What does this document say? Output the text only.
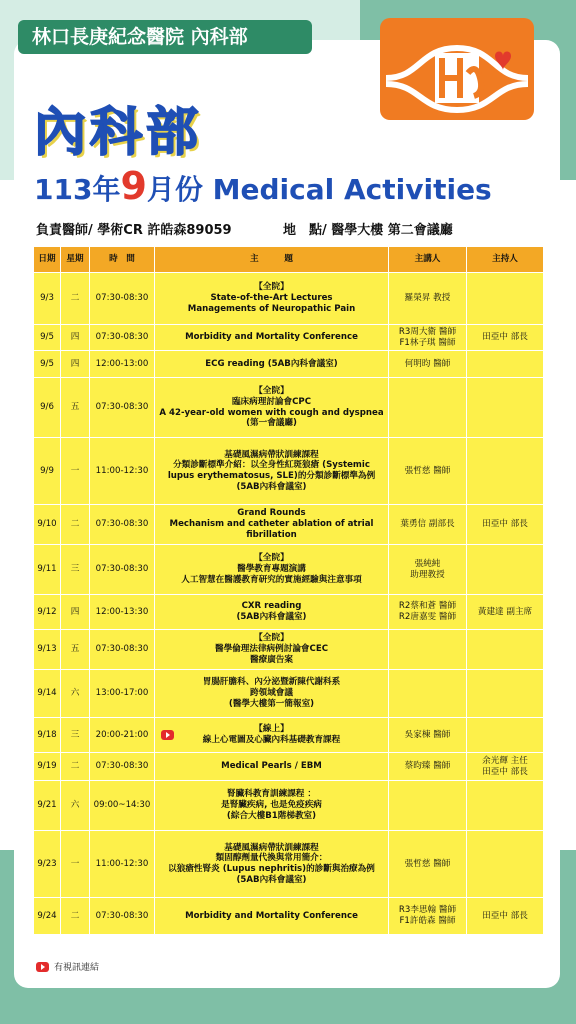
林口長庚紀念醫院 內科部
內科部
113年9月份 Medical Activities
負責醫師/ 學術CR 許皓森89059	地　點/ 醫學大樓 第二會議廳
日期	星期	時　間	主　　　題	主講人	主持人
9/3	二	07:30-08:30	【全院】
State-of-the-Art Lectures
Managements of Neuropathic Pain	羅榮昇 教授	
9/5	四	07:30-08:30	Morbidity and Mortality Conference	R3周大衛 醫師
F1林子琪 醫師	田亞中 部長
9/5	四	12:00-13:00	ECG reading (5AB內科會議室)	何明昀 醫師	
9/6	五	07:30-08:30	【全院】
臨床病理討論會CPC
A 42-year-old women with cough and dyspnea
(第一會議廳)		
9/9	一	11:00-12:30	基礎風濕病帶狀訓練課程
分類診斷標準介紹：以全身性紅斑狼瘡 (Systemic
lupus erythematosus, SLE)的分類診斷標準為例
(5AB內科會議室)	張哲慈 醫師	
9/10	二	07:30-08:30	Grand Rounds
Mechanism and catheter ablation of atrial
fibrillation	葉勇信 副部長	田亞中 部長
9/11	三	07:30-08:30	【全院】
醫學教育專題演講
人工智慧在醫護教育研究的實施經驗與注意事項	張純純
助理教授	
9/12	四	12:00-13:30	CXR reading
(5AB內科會議室)	R2蔡和蒼 醫師
R2唐嘉雯 醫師	黃建達 副主席
9/13	五	07:30-08:30	【全院】
醫學倫理法律病例討論會CEC
醫療廣告案		
9/14	六	13:00-17:00	胃腸肝膽科、內分泌暨新陳代謝科系
跨領域會議
(醫學大樓第一簡報室)		
9/18	三	20:00-21:00	【線上】
線上心電圖及心臟內科基礎教育課程	吳家棟 醫師	
9/19	二	07:30-08:30	Medical Pearls / EBM	蔡昀臻 醫師	余光輝 主任
田亞中 部長
9/21	六	09:00~14:30	腎臟科教育訓練課程 ：
是腎臟疾病, 也是免疫疾病
(綜合大樓B1階梯教室)		
9/23	一	11:00-12:30	基礎風濕病帶狀訓練課程
類固醇劑量代換與常用簡介：
以狼瘡性腎炎 (Lupus nephritis)的診斷與治療為例
(5AB內科會議室)	張哲慈 醫師	
9/24	二	07:30-08:30	Morbidity and Mortality Conference	R3李思翰 醫師
F1許皓森 醫師	田亞中 部長
有視訊連結
